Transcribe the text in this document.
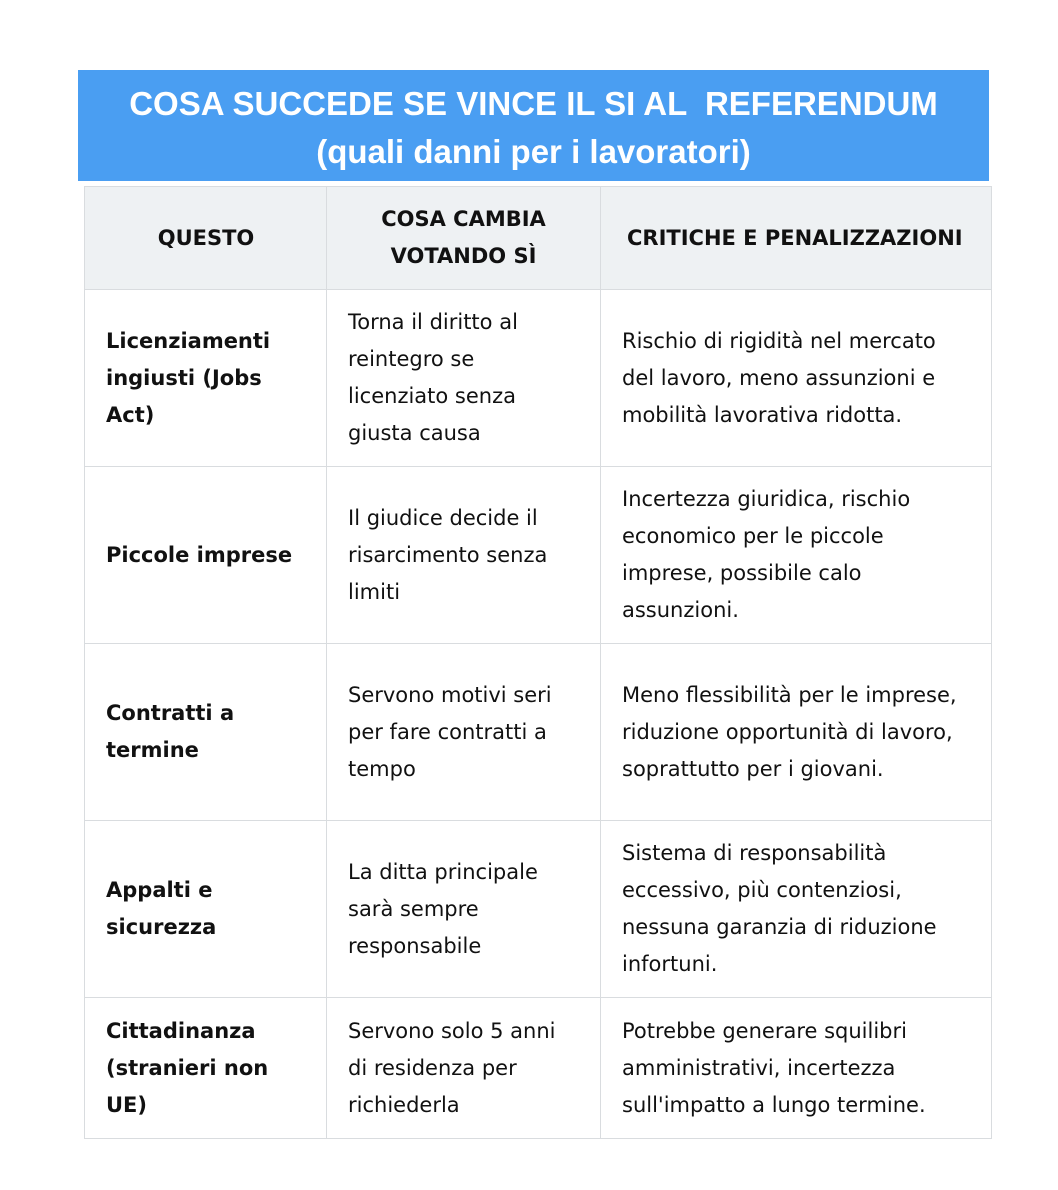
COSA SUCCEDE SE VINCE IL SI AL  REFERENDUM
(quali danni per i lavoratori)
QUESTO	COSA CAMBIA VOTANDO SÌ	CRITICHE E PENALIZZAZIONI
Licenziamenti ingiusti (Jobs Act)	Torna il diritto al reintegro se licenziato senza giusta causa	Rischio di rigidità nel mercato del lavoro, meno assunzioni e mobilità lavorativa ridotta.
Piccole imprese	Il giudice decide il risarcimento senza limiti	Incertezza giuridica, rischio economico per le piccole imprese, possibile calo assunzioni.
Contratti a termine	Servono motivi seri per fare contratti a tempo	Meno flessibilità per le imprese, riduzione opportunità di lavoro, soprattutto per i giovani.
Appalti e sicurezza	La ditta principale sarà sempre responsabile	Sistema di responsabilità eccessivo, più contenziosi, nessuna garanzia di riduzione infortuni.
Cittadinanza (stranieri non UE)	Servono solo 5 anni di residenza per richiederla	Potrebbe generare squilibri amministrativi, incertezza sull'impatto a lungo termine.
